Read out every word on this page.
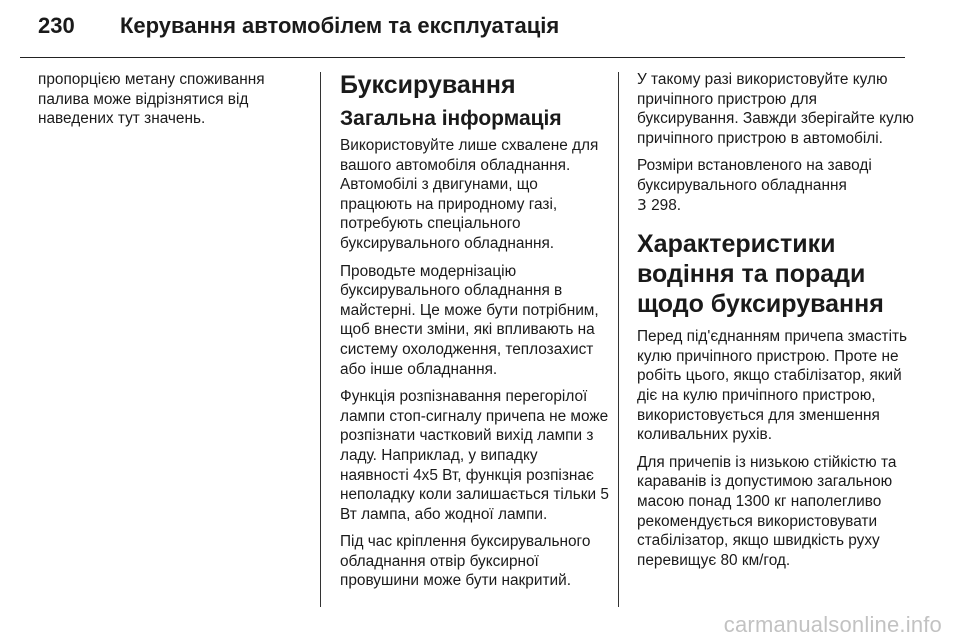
230	Керування автомобілем та експлуатація

пропорцією метану споживання палива може відрізнятися від наведених тут значень.

Буксирування
Загальна інформація

Використовуйте лише схвалене для вашого автомобіля обладнання. Автомобілі з двигунами, що працюють на природному газі, потребують спеціального буксирувального обладнання.

Проводьте модернізацію буксирувального обладнання в майстерні. Це може бути потрібним, щоб внести зміни, які впливають на систему охолодження, теплозахист або інше обладнання.

Функція розпізнавання перегорілої лампи стоп-сигналу причепа не може розпізнати частковий вихід лампи з ладу. Наприклад, у випадку наявності 4x5 Вт, функція розпізнає неполадку коли залишається тільки 5 Вт лампа, або жодної лампи.

Під час кріплення буксирувального обладнання отвір буксирної провушини може бути накритий.

У такому разі використовуйте кулю причіпного пристрою для буксирування. Завжди зберігайте кулю причіпного пристрою в автомобілі.

Розміри встановленого на заводі буксирувального обладнання
3 298.

Характеристики водіння та поради щодо буксирування

Перед під'єднанням причепа змастіть кулю причіпного пристрою. Проте не робіть цього, якщо стабілізатор, який діє на кулю причіпного пристрою, використовується для зменшення коливальних рухів.

Для причепів із низькою стійкістю та караванів із допустимою загальною масою понад 1300 кг наполегливо рекомендується використовувати стабілізатор, якщо швидкість руху перевищує 80 км/год.

carmanualsonline.info
